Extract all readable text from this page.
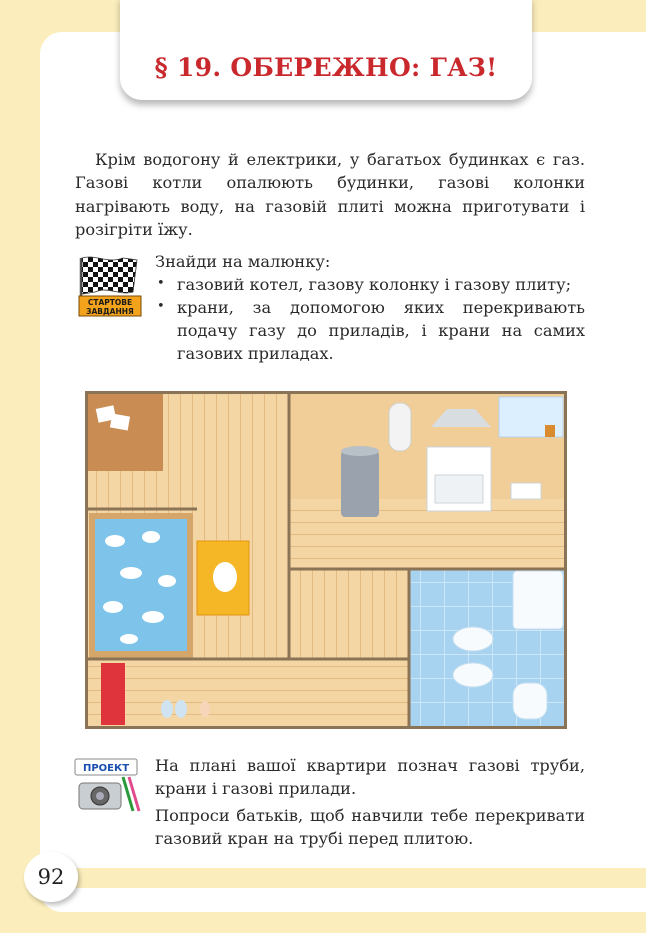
§ 19. ОБЕРЕЖНО: ГАЗ!

Крім водогону й електрики, у багатьох будинках є газ. Газові котли опалюють будинки, газові колонки нагрівають воду, на газовій плиті можна приготувати і розігріти їжу.

СТАРТОВЕ
ЗАВДАННЯ

Знайди на малюнку:

• газовий котел, газову колонку і газову плиту;
• крани, за допомогою яких перекривають подачу газу до приладів, і крани на самих газових приладах.
ПРОЕКТ На плані вашої квартири познач газові труби, крани і газові прилади.

Попроси батьків, щоб навчили тебе перекривати газовий кран на трубі перед плитою.

92
